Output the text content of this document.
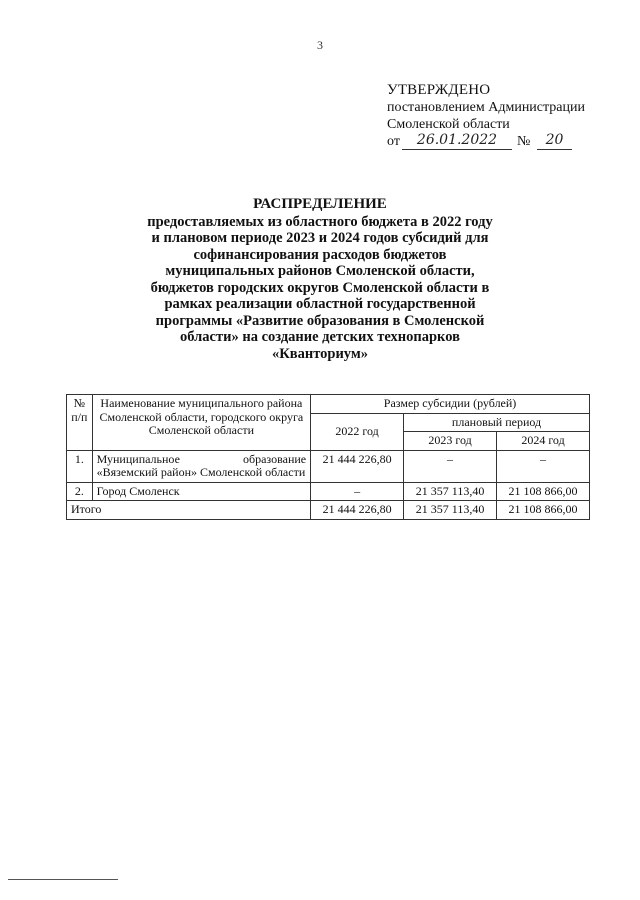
3
УТВЕРЖДЕНО
постановлением Администрации
Смоленской области
от	26.01.2022	№	20
РАСПРЕДЕЛЕНИЕ
предоставляемых из областного бюджета в 2022 году
и плановом периоде 2023 и 2024 годов субсидий для
софинансирования расходов бюджетов
муниципальных районов Смоленской области,
бюджетов городских округов Смоленской области в
рамках реализации областной государственной
программы «Развитие образования в Смоленской
области» на создание детских технопарков
«Кванториум»
№ п/п	Наименование муниципального района Смоленской области, городского округа Смоленской области	Размер субсидии (рублей)		
		2022 год	плановый период	
			2023 год	2024 год
1.	Муниципальное образование «Вяземский район» Смоленской области	21 444 226,80	–	–
2.	Город Смоленск	–	21 357 113,40	21 108 866,00
Итого		21 444 226,80	21 357 113,40	21 108 866,00
